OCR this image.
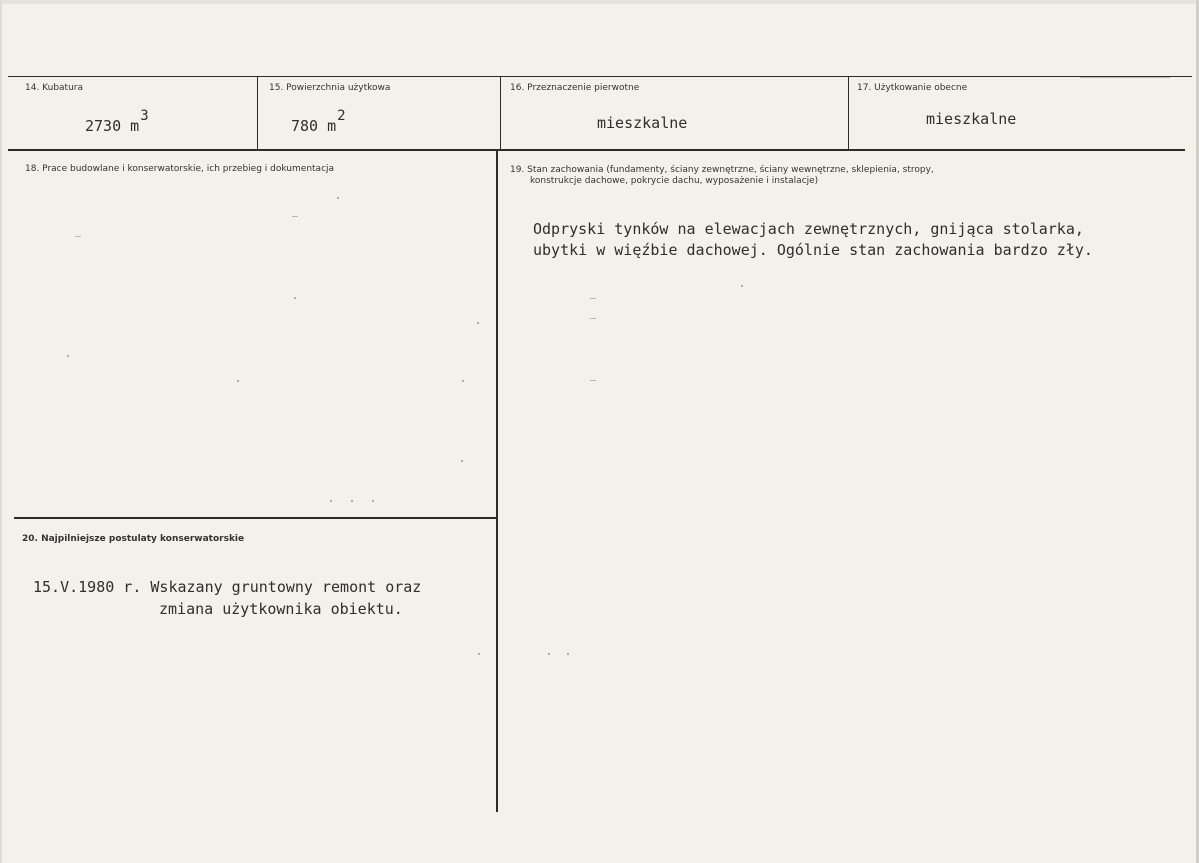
14. Kubatura
2730 m3
15. Powierzchnia użytkowa
780 m2
16. Przeznaczenie pierwotne
mieszkalne
17. Użytkowanie obecne
mieszkalne
18. Prace budowlane i konserwatorskie, ich przebieg i dokumentacja	19. Stan zachowania (fundamenty, ściany zewnętrzne, ściany wewnętrzne, sklepienia, stropy,
konstrukcje dachowe, pokrycie dachu, wyposażenie i instalacje)
Odpryski tynków na elewacjach zewnętrznych, gnijąca stolarka,
ubytki w więźbie dachowej. Ogólnie stan zachowania bardzo zły.
20. Najpilniejsze postulaty konserwatorskie
15.V.1980 r. Wskazany gruntowny remont oraz
zmiana użytkownika obiektu.
